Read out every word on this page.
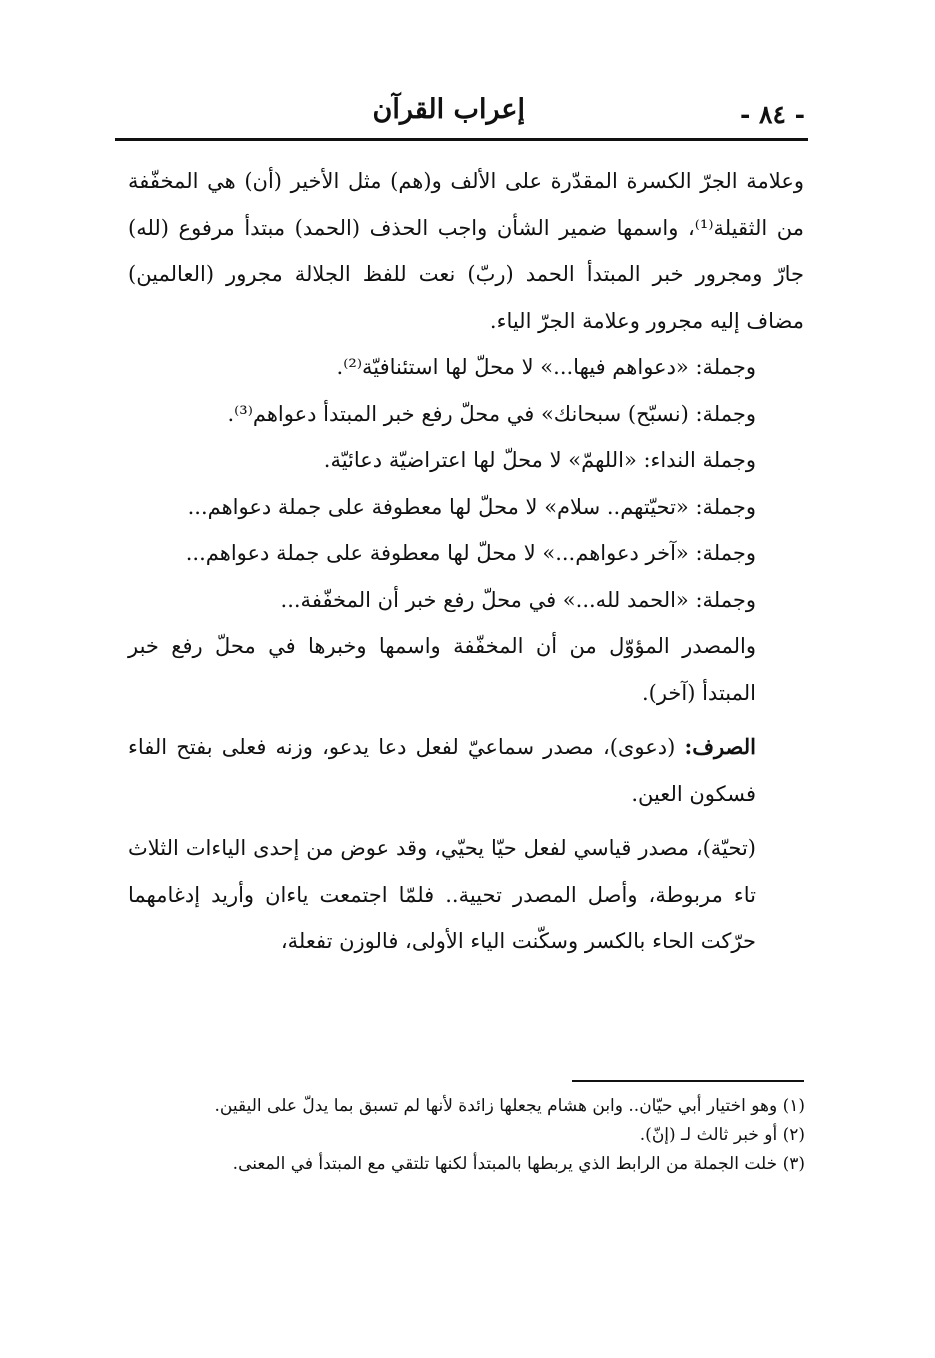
- ٨٤ -
إعراب القرآن

وعلامة الجرّ الكسرة المقدّرة على الألف و(هم) مثل الأخير (أن) هي المخفّفة من الثقيلة⁽¹⁾، واسمها ضمير الشأن واجب الحذف (الحمد) مبتدأ مرفوع (لله) جارّ ومجرور خبر المبتدأ الحمد (ربّ) نعت للفظ الجلالة مجرور (العالمين) مضاف إليه مجرور وعلامة الجرّ الياء.

وجملة: «دعواهم فيها...» لا محلّ لها استئنافيّة⁽²⁾.

وجملة: (نسبّح) سبحانك» في محلّ رفع خبر المبتدأ دعواهم⁽³⁾.

وجملة النداء: «اللهمّ» لا محلّ لها اعتراضيّة دعائيّة.

وجملة: «تحيّتهم.. سلام» لا محلّ لها معطوفة على جملة دعواهم...

وجملة: «آخر دعواهم...» لا محلّ لها معطوفة على جملة دعواهم...

وجملة: «الحمد لله...» في محلّ رفع خبر أن المخفّفة...

والمصدر المؤوّل من أن المخفّفة واسمها وخبرها في محلّ رفع خبر المبتدأ (آخر).

الصرف: (دعوى)، مصدر سماعيّ لفعل دعا يدعو، وزنه فعلى بفتح الفاء فسكون العين.

(تحيّة)، مصدر قياسي لفعل حيّا يحيّي، وقد عوض من إحدى الياءات الثلاث تاء مربوطة، وأصل المصدر تحيية.. فلمّا اجتمعت ياءان وأريد إدغامهما حرّكت الحاء بالكسر وسكّنت الياء الأولى، فالوزن تفعلة،

(١) وهو اختيار أبي حيّان.. وابن هشام يجعلها زائدة لأنها لم تسبق بما يدلّ على اليقين.

(٢) أو خبر ثالث لـ (إنّ).

(٣) خلت الجملة من الرابط الذي يربطها بالمبتدأ لكنها تلتقي مع المبتدأ في المعنى.
